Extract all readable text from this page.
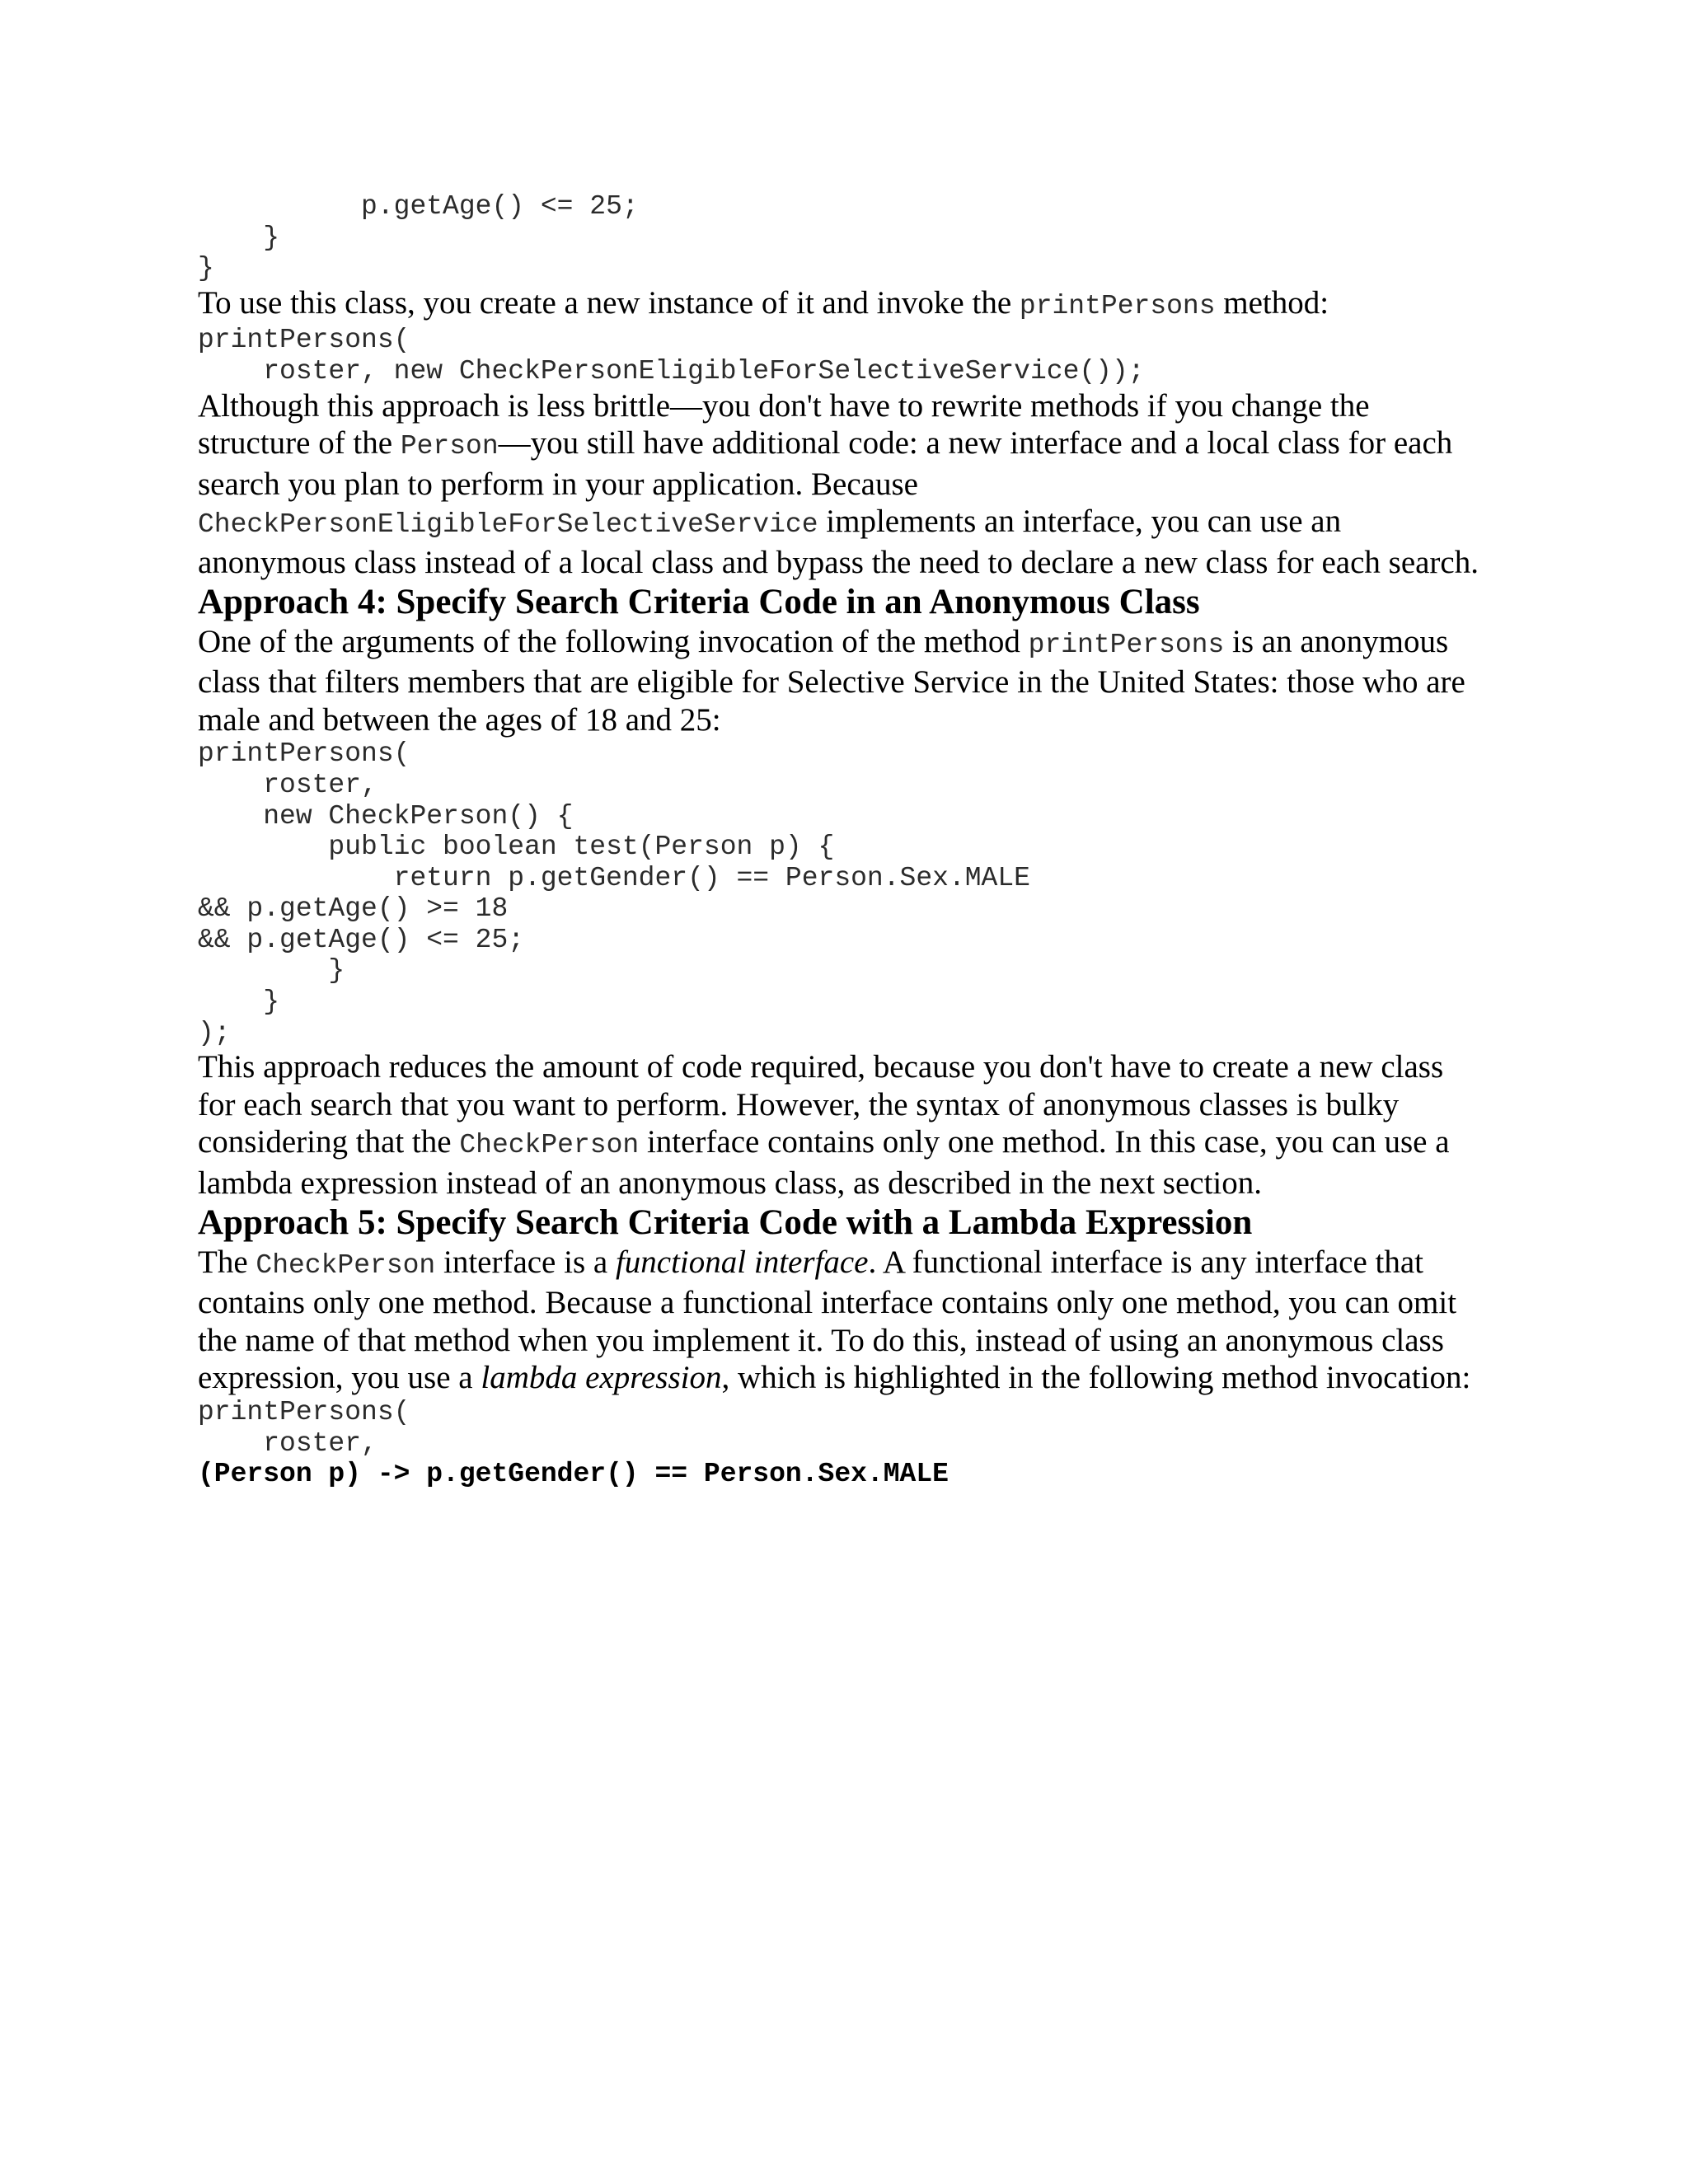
p.getAge() <= 25;
}
}

To use this class, you create a new instance of it and invoke the printPersons method:

printPersons(
roster, new CheckPersonEligibleForSelectiveService());

Although this approach is less brittle—you don't have to rewrite methods if you change the structure of the Person—you still have additional code: a new interface and a local class for each search you plan to perform in your application. Because CheckPersonEligibleForSelectiveService implements an interface, you can use an anonymous class instead of a local class and bypass the need to declare a new class for each search.

Approach 4: Specify Search Criteria Code in an Anonymous Class

One of the arguments of the following invocation of the method printPersons is an anonymous class that filters members that are eligible for Selective Service in the United States: those who are male and between the ages of 18 and 25:

printPersons(
roster,
new CheckPerson() {
public boolean test(Person p) {
return p.getGender() == Person.Sex.MALE
&& p.getAge() >= 18
&& p.getAge() <= 25;
}
}
);

This approach reduces the amount of code required, because you don't have to create a new class for each search that you want to perform. However, the syntax of anonymous classes is bulky considering that the CheckPerson interface contains only one method. In this case, you can use a lambda expression instead of an anonymous class, as described in the next section.

Approach 5: Specify Search Criteria Code with a Lambda Expression

The CheckPerson interface is a functional interface. A functional interface is any interface that contains only one method. Because a functional interface contains only one method, you can omit the name of that method when you implement it. To do this, instead of using an anonymous class expression, you use a lambda expression, which is highlighted in the following method invocation:

printPersons(
roster,
(Person p) -> p.getGender() == Person.Sex.MALE
